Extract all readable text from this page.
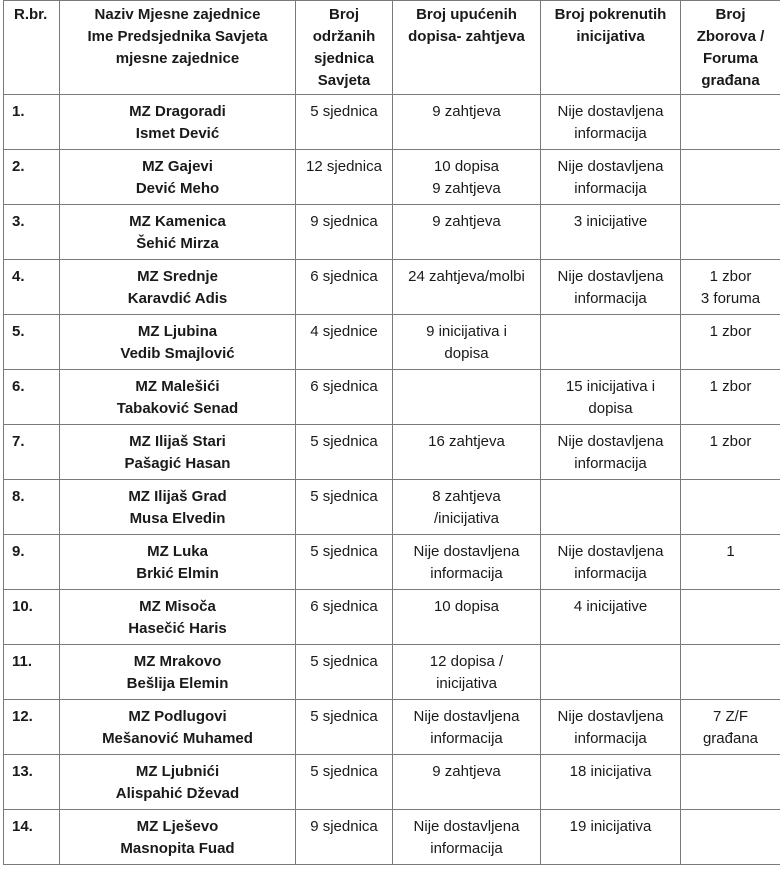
R.br.	Naziv Mjesne zajednice
Ime Predsjednika Savjeta
mjesne zajednice	Broj
održanih
sjednica
Savjeta	Broj upućenih
dopisa- zahtjeva	Broj pokrenutih
inicijativa	Broj
Zborova /
Foruma
građana

1.	MZ Dragoradi
Ismet Dević	5 sjednica	9 zahtjeva	Nije dostavljena
informacija	

2.	MZ Gajevi
Dević Meho	12 sjednica	10 dopisa
9 zahtjeva	Nije dostavljena
informacija	

3.	MZ Kamenica
Šehić Mirza	9 sjednica	9 zahtjeva	3 inicijative	

4.	MZ Srednje
Karavdić Adis	6 sjednica	24 zahtjeva/molbi	Nije dostavljena
informacija	1 zbor
3 foruma

5.	MZ Ljubina
Vedib Smajlović	4 sjednice	9 inicijativa i
dopisa		1 zbor

6.	MZ Malešići
Tabaković Senad	6 sjednica		15 inicijativa i
dopisa	1 zbor

7.	MZ Ilijaš Stari
Pašagić Hasan	5 sjednica	16 zahtjeva	Nije dostavljena
informacija	1 zbor

8.	MZ Ilijaš Grad
Musa Elvedin	5 sjednica	8 zahtjeva
/inicijativa		

9.	MZ Luka
Brkić Elmin	5 sjednica	Nije dostavljena
informacija	Nije dostavljena
informacija	1

10.	MZ Misoča
Hasečić Haris	6 sjednica	10 dopisa	4 inicijative	

11.	MZ Mrakovo
Bešlija Elemin	5 sjednica	12 dopisa /
inicijativa		

12.	MZ Podlugovi
Mešanović Muhamed	5 sjednica	Nije dostavljena
informacija	Nije dostavljena
informacija	7 Z/F
građana

13.	MZ Ljubnići
Alispahić Dževad	5 sjednica	9 zahtjeva	18 inicijativa	

14.	MZ Lješevo
Masnopita Fuad	9 sjednica	Nije dostavljena
informacija	19 inicijativa	
